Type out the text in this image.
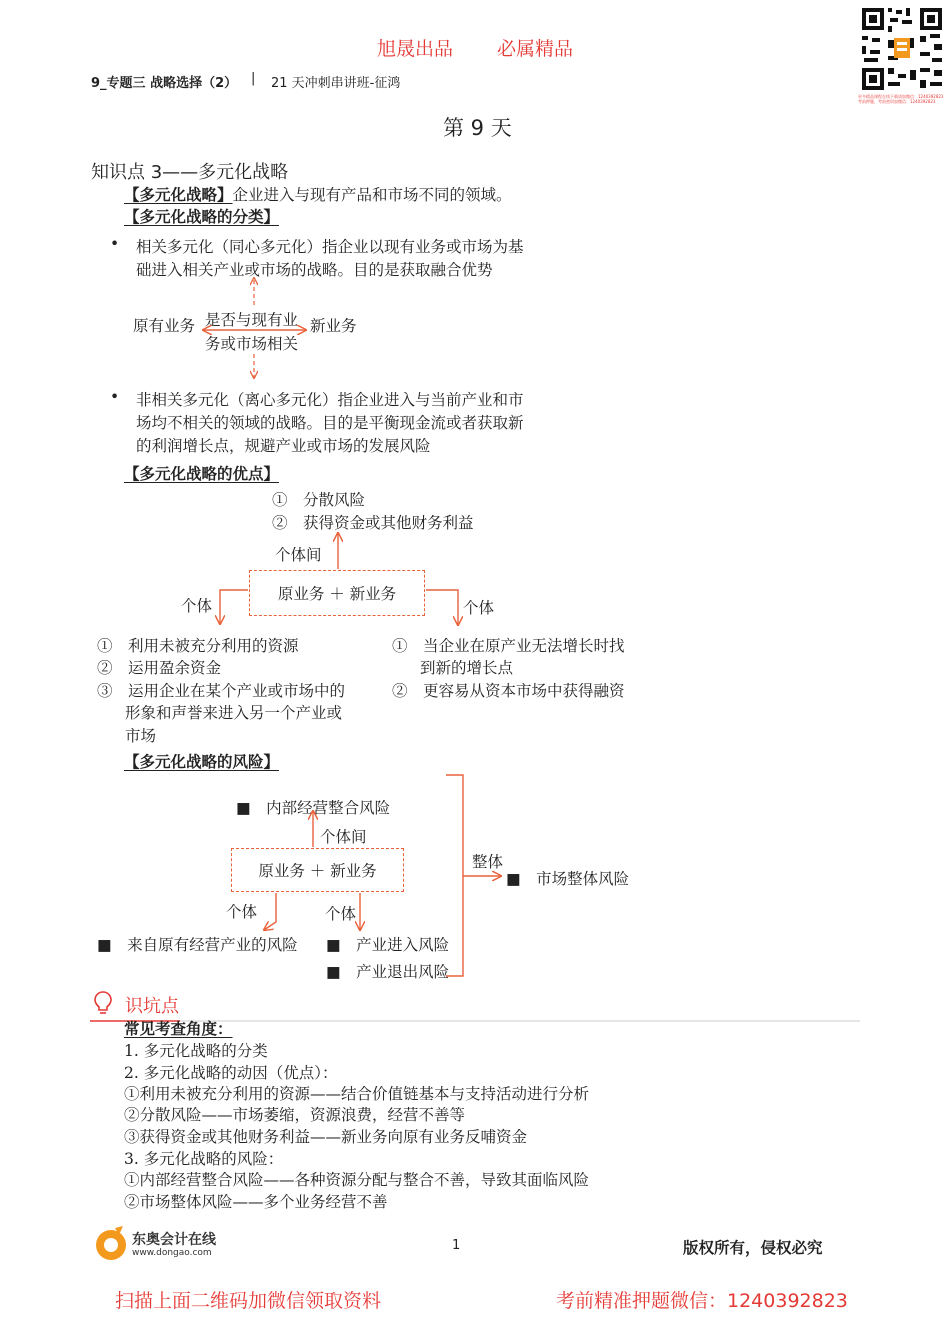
旭晟出品 必属精品
更多精品课程在线下载请加微信：1240392823
考前押题、考前密训加微信：1240392823
9_专题三 战略选择（2） | 21 天冲刺串讲班-征鸿
第 9 天
知识点 3——多元化战略
【多元化战略】企业进入与现有产品和市场不同的领域。
【多元化战略的分类】
• 相关多元化（同心多元化）指企业以现有业务或市场为基
础进入相关产业或市场的战略。目的是获取融合优势
原有业务 是否与现有业
务或市场相关
新业务
• 非相关多元化（离心多元化）指企业进入与当前产业和市
场均不相关的领域的战略。目的是平衡现金流或者获取新
的利润增长点，规避产业或市场的发展风险
【多元化战略的优点】
①　分散风险
②　获得资金或其他财务利益
个体间
原业务 ＋ 新业务
个体	个体
①　利用未被充分利用的资源
②　运用盈余资金
③　运用企业在某个产业或市场中的
形象和声誉来进入另一个产业或
市场
①　当企业在原产业无法增长时找
到新的增长点
②　更容易从资本市场中获得融资
【多元化战略的风险】
■　内部经营整合风险
个体间
原业务 ＋ 新业务
个体	个体
整体
■　市场整体风险
■　来自原有经营产业的风险 ■　产业进入风险
■　产业退出风险
识坑点
常见考查角度：
1. 多元化战略的分类
2. 多元化战略的动因（优点）：
①利用未被充分利用的资源——结合价值链基本与支持活动进行分析
②分散风险——市场萎缩，资源浪费，经营不善等
③获得资金或其他财务利益——新业务向原有业务反哺资金
3. 多元化战略的风险：
①内部经营整合风险——各种资源分配与整合不善，导致其面临风险
②市场整体风险——多个业务经营不善
东奥会计在线
www.dongao.com	1	版权所有，侵权必究
扫描上面二维码加微信领取资料	考前精准押题微信：1240392823
